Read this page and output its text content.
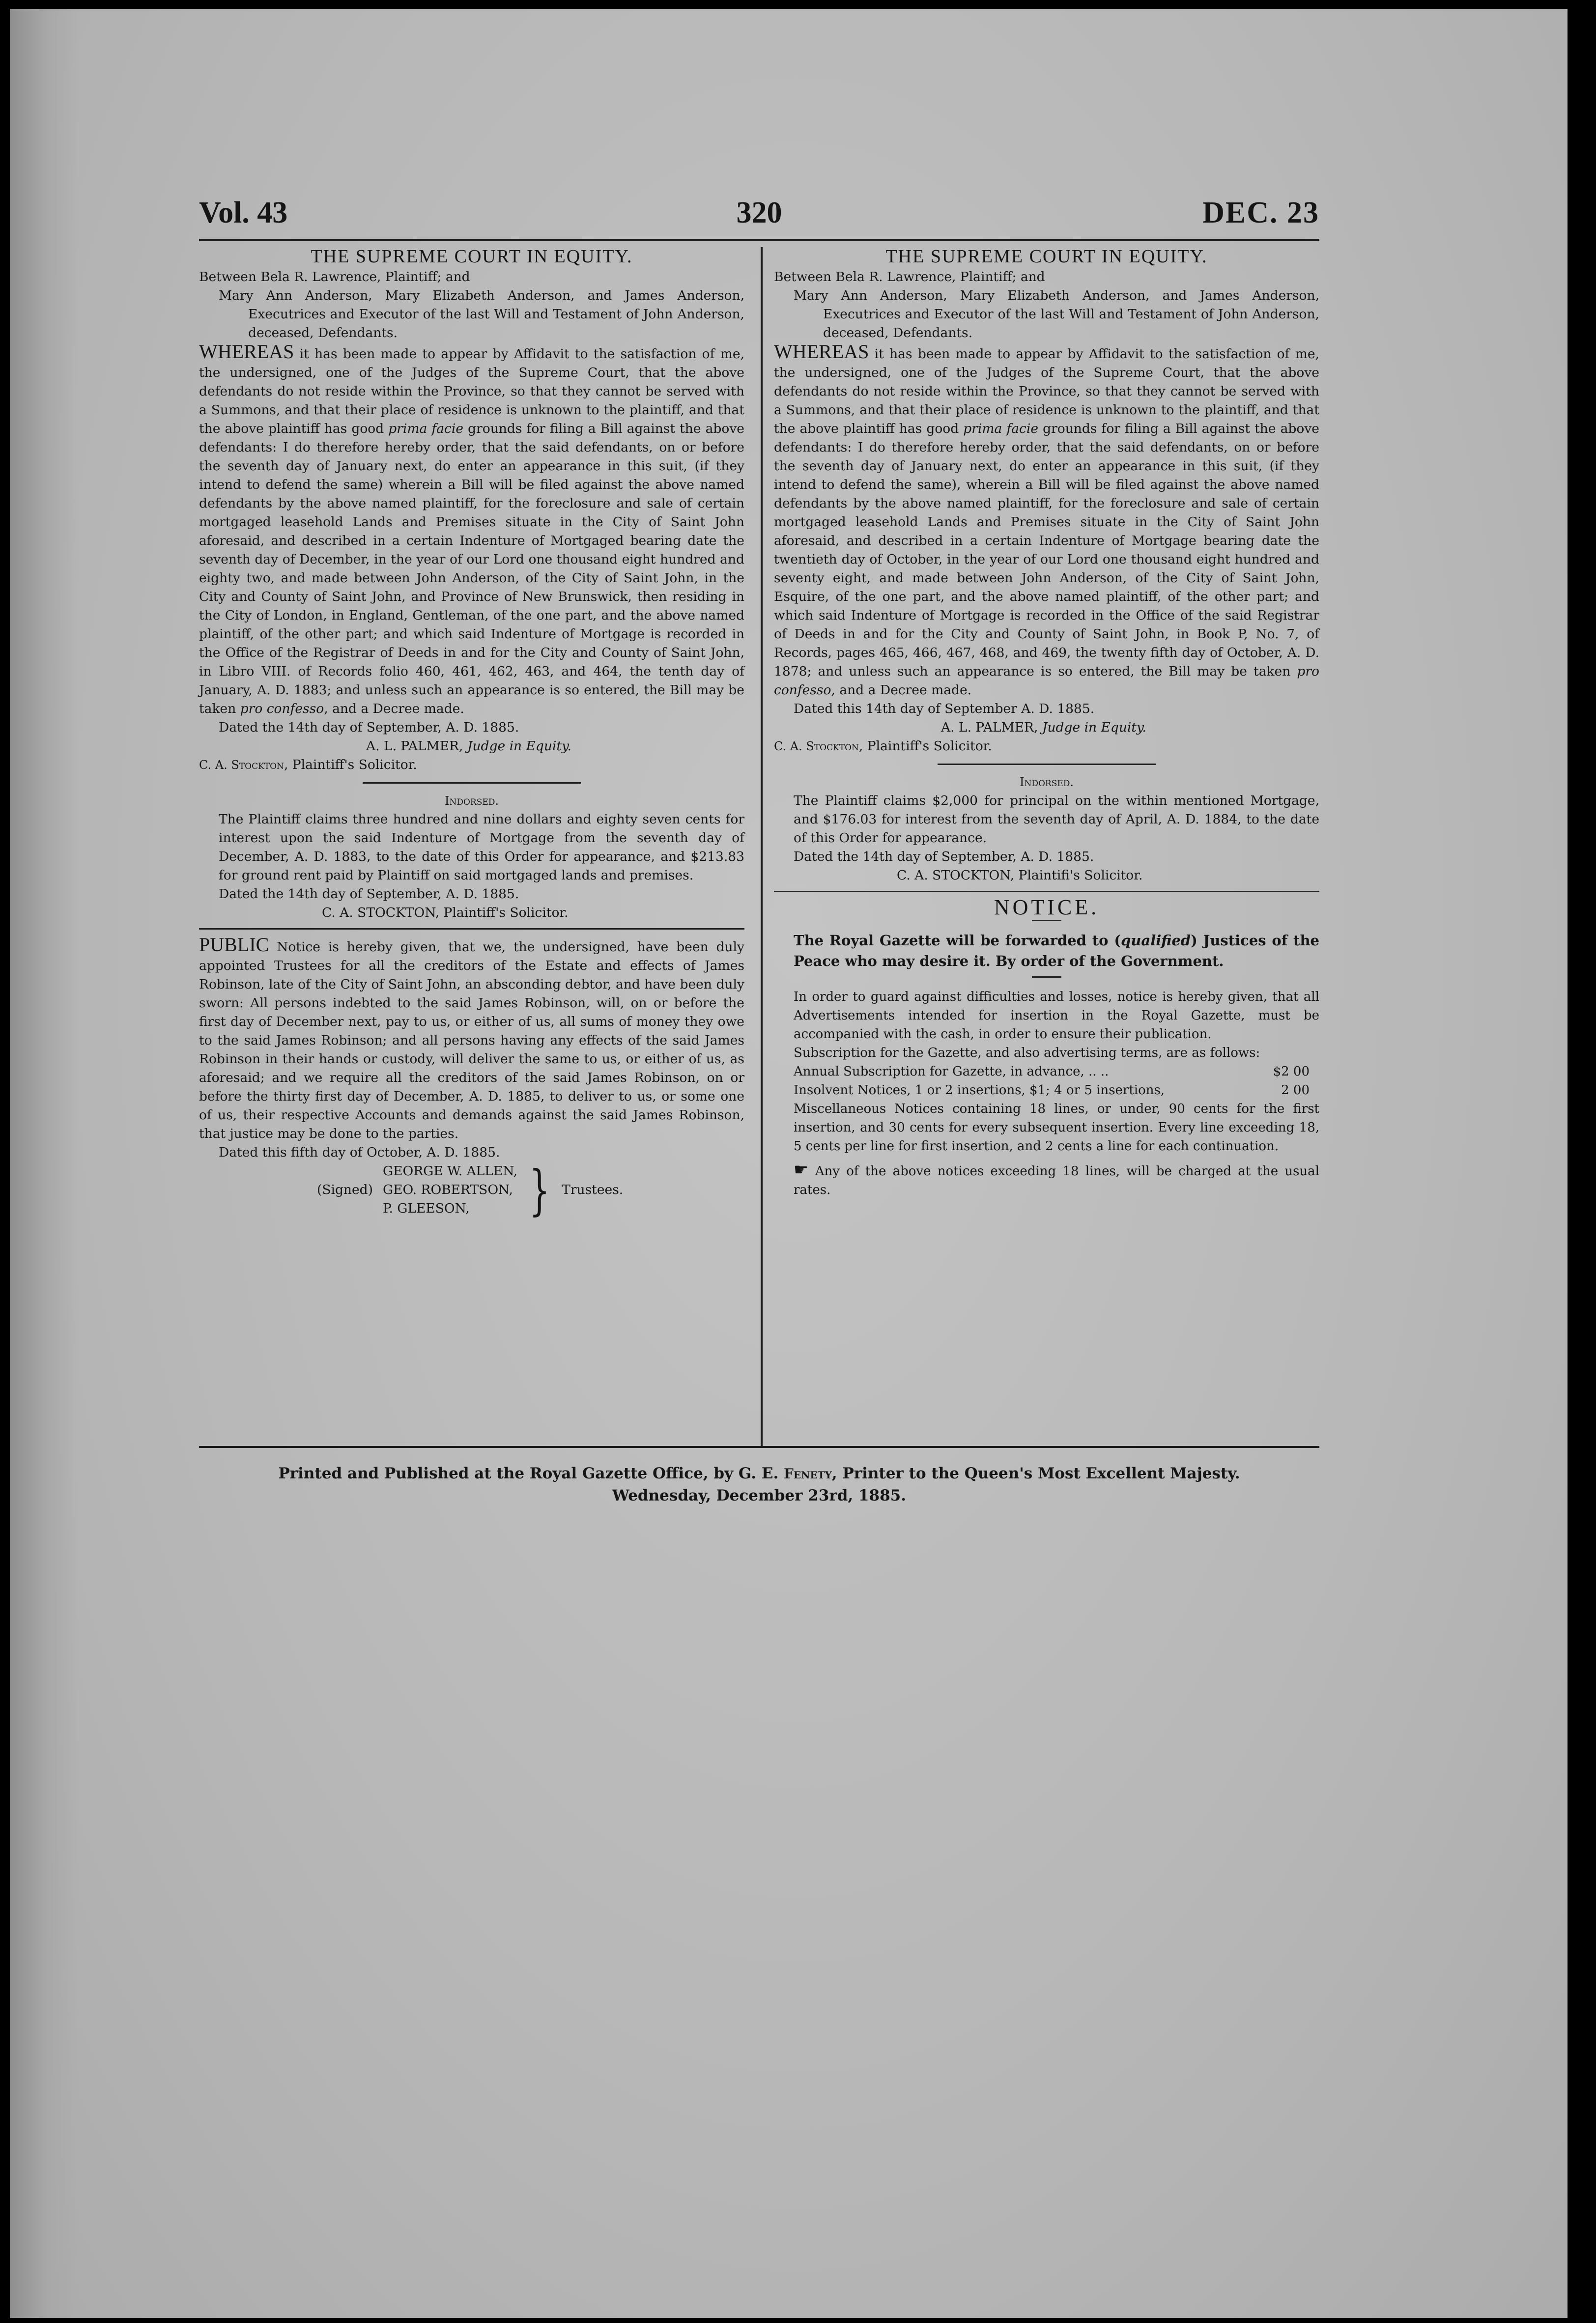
Vol. 43	320	DEC. 23
THE SUPREME COURT IN EQUITY.

Between Bela R. Lawrence, Plaintiff; and

Mary Ann Anderson, Mary Elizabeth Anderson, and James Anderson, Executrices and Executor of the last Will and Testament of John Anderson, deceased, Defendants.

WHEREAS it has been made to appear by Affidavit to the satisfaction of me, the undersigned, one of the Judges of the Supreme Court, that the above defendants do not reside within the Province, so that they cannot be served with a Summons, and that their place of residence is unknown to the plaintiff, and that the above plaintiff has good prima facie grounds for filing a Bill against the above defendants: I do therefore hereby order, that the said defendants, on or before the seventh day of January next, do enter an appearance in this suit, (if they intend to defend the same) wherein a Bill will be filed against the above named defendants by the above named plaintiff, for the foreclosure and sale of certain mortgaged leasehold Lands and Premises situate in the City of Saint John aforesaid, and described in a certain Indenture of Mortgaged bearing date the seventh day of December, in the year of our Lord one thousand eight hundred and eighty two, and made between John Anderson, of the City of Saint John, in the City and County of Saint John, and Province of New Brunswick, then residing in the City of London, in England, Gentleman, of the one part, and the above named plaintiff, of the other part; and which said Indenture of Mortgage is recorded in the Office of the Registrar of Deeds in and for the City and County of Saint John, in Libro VIII. of Records folio 460, 461, 462, 463, and 464, the tenth day of January, A. D. 1883; and unless such an appearance is so entered, the Bill may be taken pro confesso, and a Decree made.

Dated the 14th day of September, A. D. 1885.

A. L. PALMER, Judge in Equity.

C. A. Stockton, Plaintiff's Solicitor.

Indorsed.

The Plaintiff claims three hundred and nine dollars and eighty seven cents for interest upon the said Indenture of Mortgage from the seventh day of December, A. D. 1883, to the date of this Order for appearance, and $213.83 for ground rent paid by Plaintiff on said mortgaged lands and premises.

Dated the 14th day of September, A. D. 1885.

C. A. STOCKTON, Plaintiff's Solicitor.

PUBLIC Notice is hereby given, that we, the undersigned, have been duly appointed Trustees for all the creditors of the Estate and effects of James Robinson, late of the City of Saint John, an absconding debtor, and have been duly sworn: All persons indebted to the said James Robinson, will, on or before the first day of December next, pay to us, or either of us, all sums of money they owe to the said James Robinson; and all persons having any effects of the said James Robinson in their hands or custody, will deliver the same to us, or either of us, as aforesaid; and we require all the creditors of the said James Robinson, on or before the thirty first day of December, A. D. 1885, to deliver to us, or some one of us, their respective Accounts and demands against the said James Robinson, that justice may be done to the parties.

Dated this fifth day of October, A. D. 1885.

(Signed)
GEORGE W. ALLEN,
GEO. ROBERTSON,
P. GLEESON,	} Trustees.
THE SUPREME COURT IN EQUITY.

Between Bela R. Lawrence, Plaintiff; and

Mary Ann Anderson, Mary Elizabeth Anderson, and James Anderson, Executrices and Executor of the last Will and Testament of John Anderson, deceased, Defendants.

WHEREAS it has been made to appear by Affidavit to the satisfaction of me, the undersigned, one of the Judges of the Supreme Court, that the above defendants do not reside within the Province, so that they cannot be served with a Summons, and that their place of residence is unknown to the plaintiff, and that the above plaintiff has good prima facie grounds for filing a Bill against the above defendants: I do therefore hereby order, that the said defendants, on or before the seventh day of January next, do enter an appearance in this suit, (if they intend to defend the same), wherein a Bill will be filed against the above named defendants by the above named plaintiff, for the foreclosure and sale of certain mortgaged leasehold Lands and Premises situate in the City of Saint John aforesaid, and described in a certain Indenture of Mortgage bearing date the twentieth day of October, in the year of our Lord one thousand eight hundred and seventy eight, and made between John Anderson, of the City of Saint John, Esquire, of the one part, and the above named plaintiff, of the other part; and which said Indenture of Mortgage is recorded in the Office of the said Registrar of Deeds in and for the City and County of Saint John, in Book P, No. 7, of Records, pages 465, 466, 467, 468, and 469, the twenty fifth day of October, A. D. 1878; and unless such an appearance is so entered, the Bill may be taken pro confesso, and a Decree made.

Dated this 14th day of September A. D. 1885.

A. L. PALMER, Judge in Equity.

C. A. Stockton, Plaintiff's Solicitor.

Indorsed.

The Plaintiff claims $2,000 for principal on the within mentioned Mortgage, and $176.03 for interest from the seventh day of April, A. D. 1884, to the date of this Order for appearance.

Dated the 14th day of September, A. D. 1885.

C. A. STOCKTON, Plaintifi's Solicitor.

NOTICE.

The Royal Gazette will be forwarded to (qualified) Justices of the Peace who may desire it. By order of the Government.

In order to guard against difficulties and losses, notice is hereby given, that all Advertisements intended for insertion in the Royal Gazette, must be accompanied with the cash, in order to ensure their publication.

Subscription for the Gazette, and also advertising terms, are as follows:

Annual Subscription for Gazette, in advance, .. ..	$2 00
Insolvent Notices, 1 or 2 insertions, $1; 4 or 5 insertions,	2 00

Miscellaneous Notices containing 18 lines, or under, 90 cents for the first insertion, and 30 cents for every subsequent insertion. Every line exceeding 18, 5 cents per line for first insertion, and 2 cents a line for each continuation.

☛ Any of the above notices exceeding 18 lines, will be charged at the usual rates.

Printed and Published at the Royal Gazette Office, by G. E. Fenety, Printer to the Queen's Most Excellent Majesty.
Wednesday, December 23rd, 1885.
